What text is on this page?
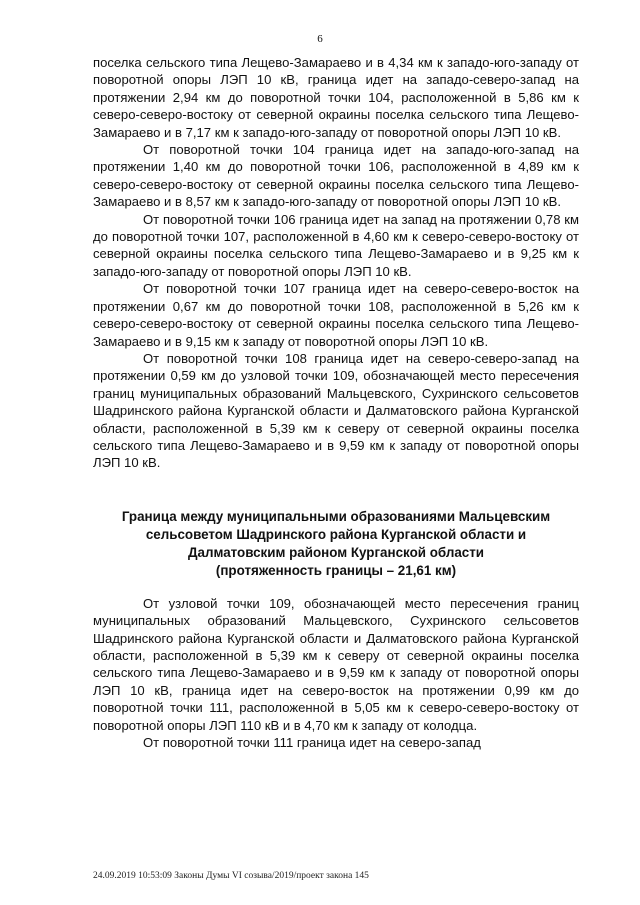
6

поселка сельского типа Лещево-Замараево и в 4,34 км к западо-юго-западу от поворотной опоры ЛЭП 10 кВ, граница идет на западо-северо-запад на протяжении 2,94 км до поворотной точки 104, расположенной в 5,86 км к северо-северо-востоку от северной окраины поселка сельского типа Лещево-Замараево и в 7,17 км к западо-юго-западу от поворотной опоры ЛЭП 10 кВ.

От поворотной точки 104 граница идет на западо-юго-запад на протяжении 1,40 км до поворотной точки 106, расположенной в 4,89 км к северо-северо-востоку от северной окраины поселка сельского типа Лещево-Замараево и в 8,57 км к западо-юго-западу от поворотной опоры ЛЭП 10 кВ.

От поворотной точки 106 граница идет на запад на протяжении 0,78 км до поворотной точки 107, расположенной в 4,60 км к северо-северо-востоку от северной окраины поселка сельского типа Лещево-Замараево и в 9,25 км к западо-юго-западу от поворотной опоры ЛЭП 10 кВ.

От поворотной точки 107 граница идет на северо-северо-восток на протяжении 0,67 км до поворотной точки 108, расположенной в 5,26 км к северо-северо-востоку от северной окраины поселка сельского типа Лещево-Замараево и в 9,15 км к западу от поворотной опоры ЛЭП 10 кВ.

От поворотной точки 108 граница идет на северо-северо-запад на протяжении 0,59 км до узловой точки 109, обозначающей место пересечения границ муниципальных образований Мальцевского, Сухринского сельсоветов Шадринского района Курганской области и Далматовского района Курганской области, расположенной в 5,39 км к северу от северной окраины поселка сельского типа Лещево-Замараево и в 9,59 км к западу от поворотной опоры ЛЭП 10 кВ.

Граница между муниципальными образованиями Мальцевским
сельсоветом Шадринского района Курганской области и
Далматовским районом Курганской области
(протяженность границы – 21,61 км)

От узловой точки 109, обозначающей место пересечения границ муниципальных образований Мальцевского, Сухринского сельсоветов Шадринского района Курганской области и Далматовского района Курганской области, расположенной в 5,39 км к северу от северной окраины поселка сельского типа Лещево-Замараево и в 9,59 км к западу от поворотной опоры ЛЭП 10 кВ, граница идет на северо-восток на протяжении 0,99 км до поворотной точки 111, расположенной в 5,05 км к северо-северо-востоку от поворотной опоры ЛЭП 110 кВ и в 4,70 км к западу от колодца.

От поворотной точки 111 граница идет на северо-запад

24.09.2019 10:53:09 Законы Думы VI созыва/2019/проект закона 145
